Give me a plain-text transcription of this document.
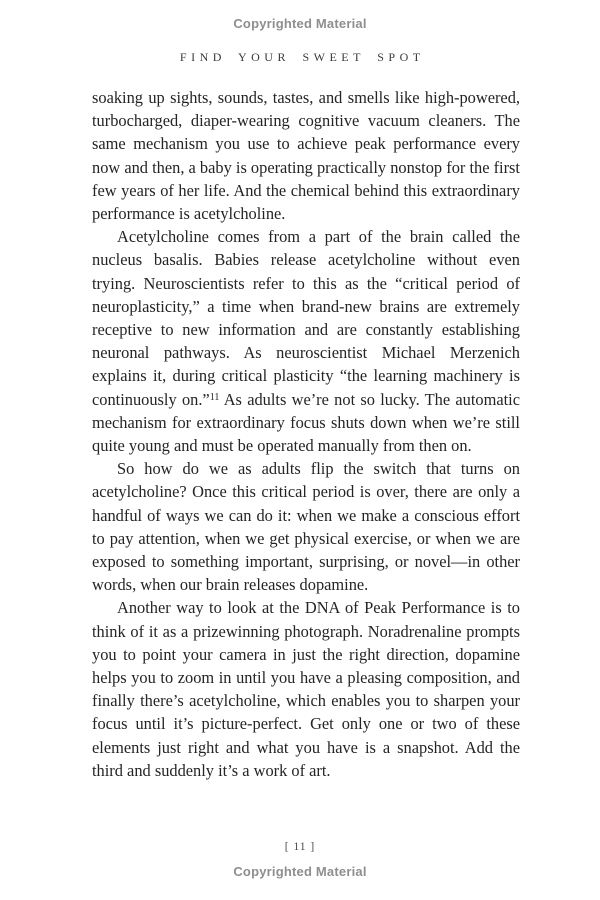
Copyrighted Material
FIND YOUR SWEET SPOT

soaking up sights, sounds, tastes, and smells like high-powered, turbocharged, diaper-wearing cognitive vacuum cleaners. The same mechanism you use to achieve peak performance every now and then, a baby is operating practically nonstop for the first few years of her life. And the chemical behind this extraordinary performance is acetylcholine.

Acetylcholine comes from a part of the brain called the nucleus basalis. Babies release acetylcholine without even trying. Neuroscientists refer to this as the “critical period of neuroplasticity,” a time when brand-new brains are extremely receptive to new information and are constantly establishing neuronal pathways. As neuroscientist Michael Merzenich explains it, during critical plasticity “the learning machinery is continuously on.”$^{11}$ As adults we’re not so lucky. The automatic mechanism for extraordinary focus shuts down when we’re still quite young and must be operated manually from then on.

So how do we as adults flip the switch that turns on acetylcholine? Once this critical period is over, there are only a handful of ways we can do it: when we make a conscious effort to pay attention, when we get physical exercise, or when we are exposed to something important, surprising, or novel—in other words, when our brain releases dopamine.

Another way to look at the DNA of Peak Performance is to think of it as a prizewinning photograph. Noradrenaline prompts you to point your camera in just the right direction, dopamine helps you to zoom in until you have a pleasing composition, and finally there’s acetylcholine, which enables you to sharpen your focus until it’s picture-perfect. Get only one or two of these elements just right and what you have is a snapshot. Add the third and suddenly it’s a work of art.

[ 11 ]
Copyrighted Material
